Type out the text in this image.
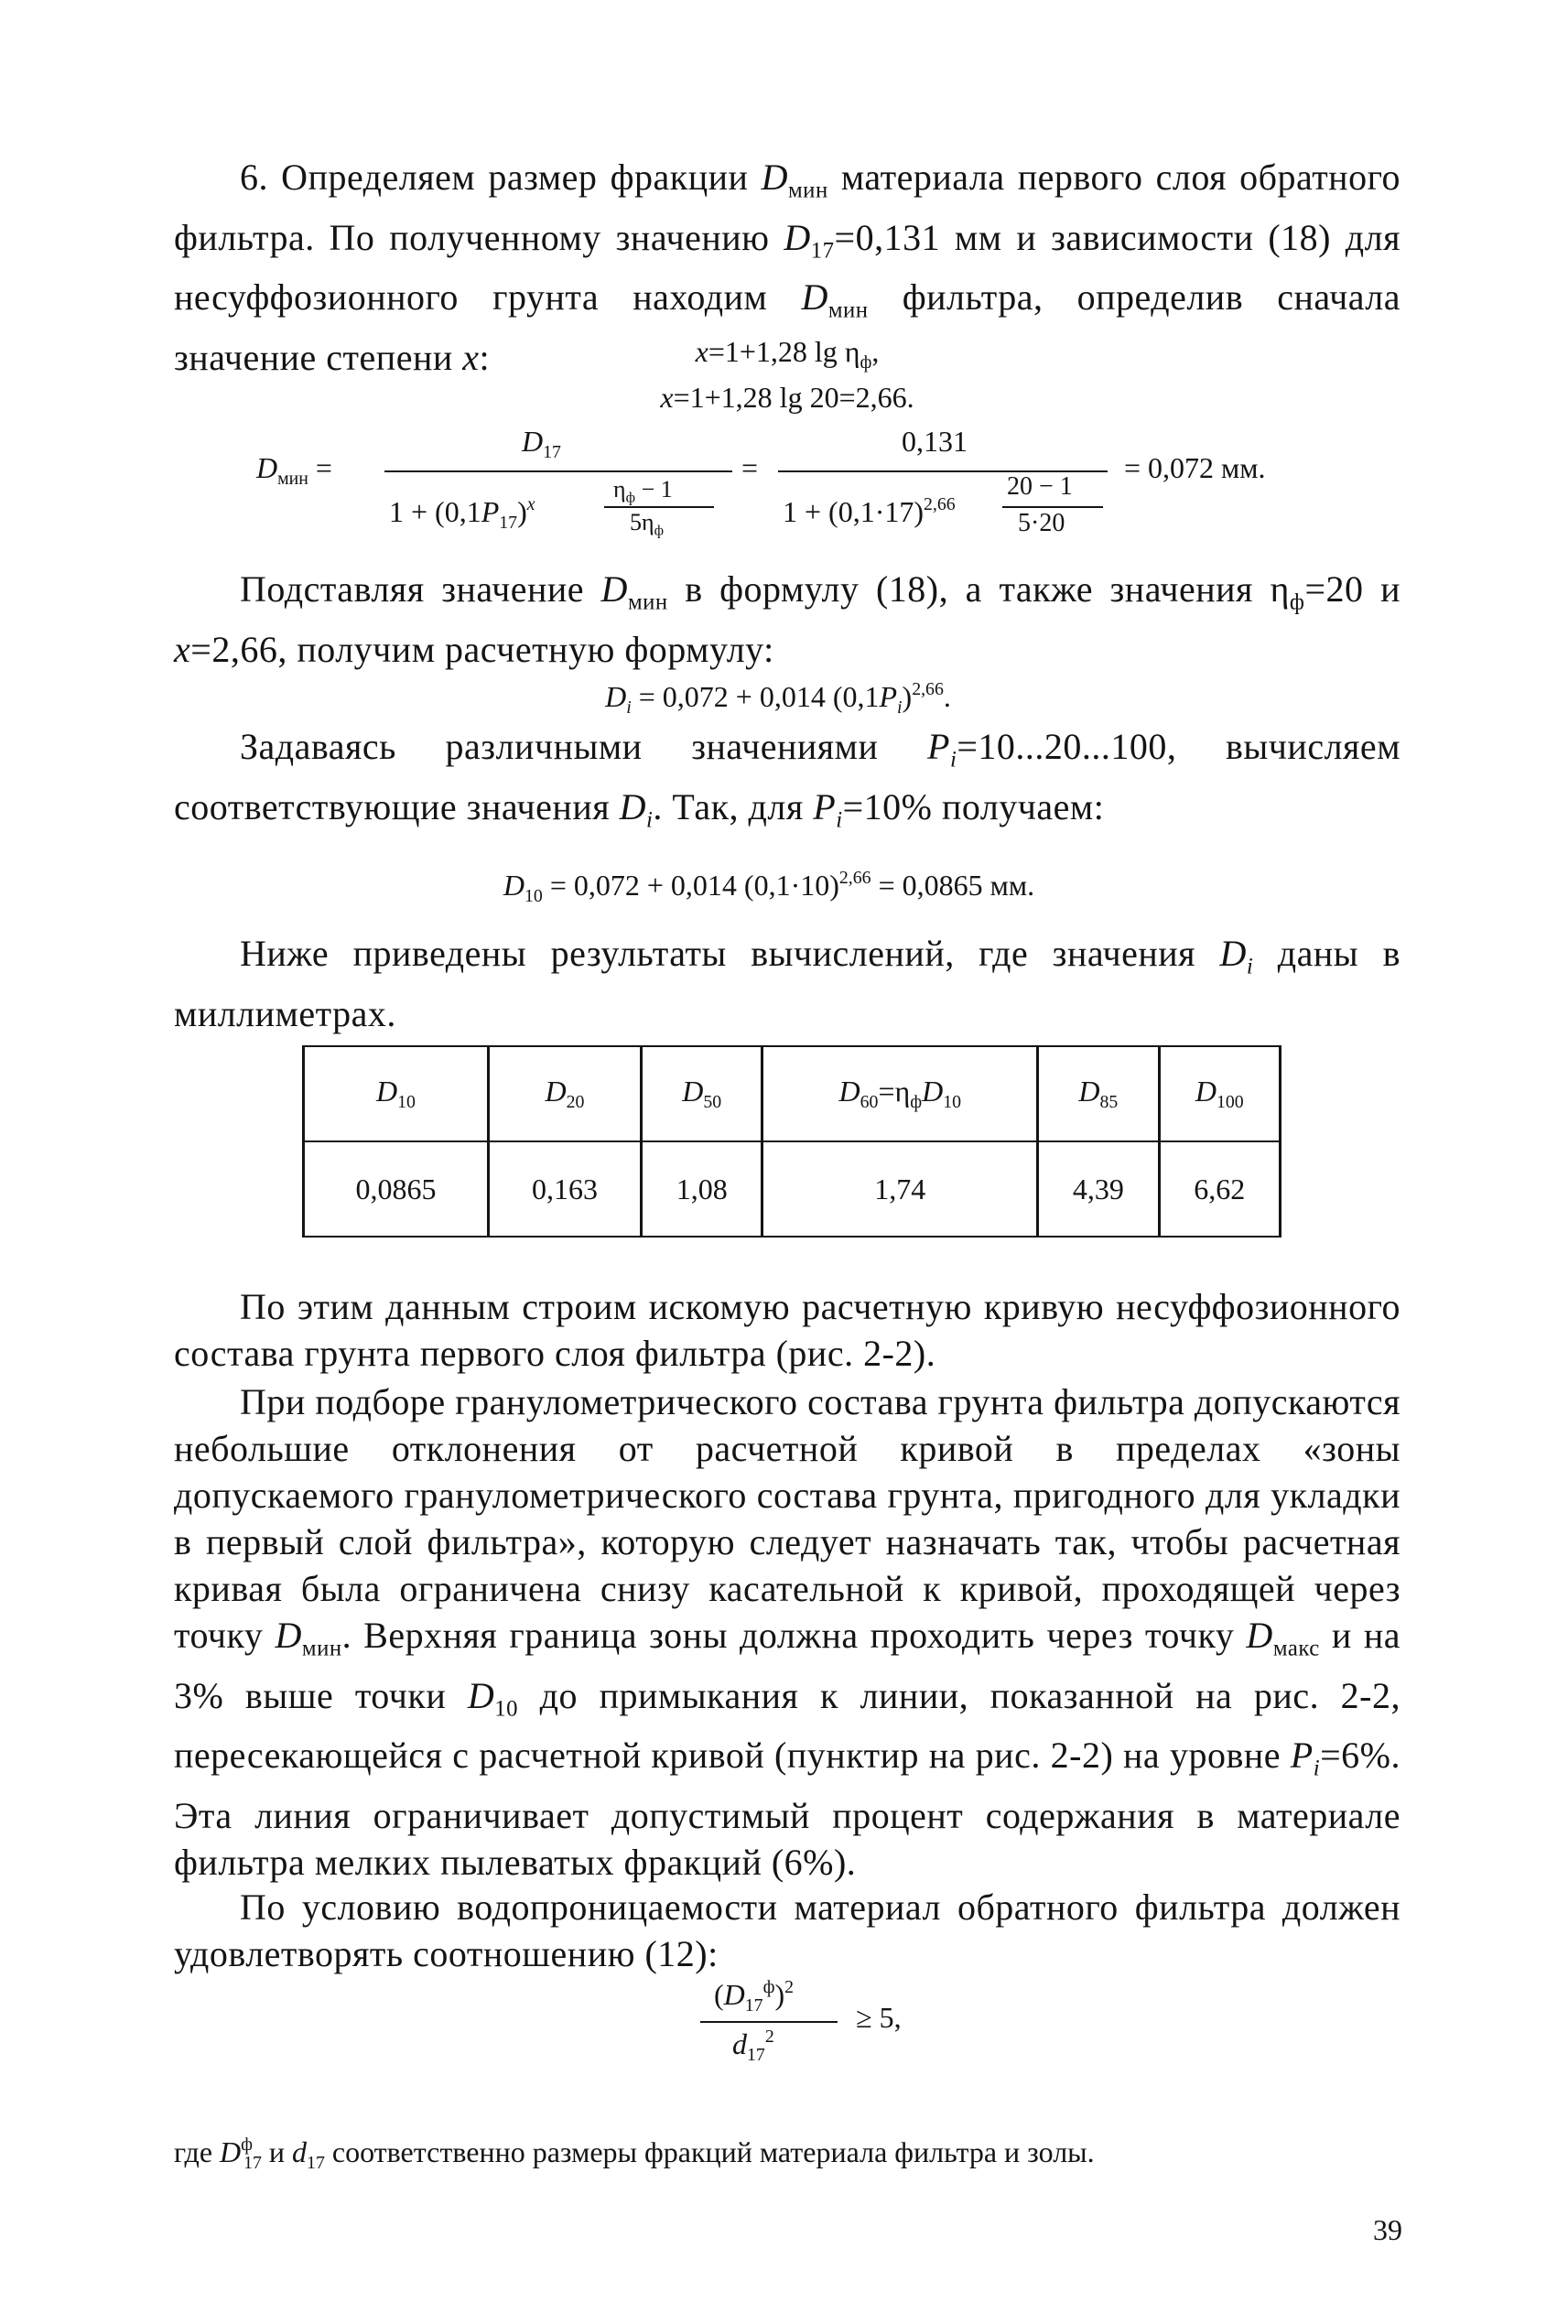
6. Определяем размер фракции $D_{мин}$ материала первого слоя обратного фильтра. По полученному значению $D_{17}=0,131$ мм и зависимости (18) для несуффозионного грунта находим $D_{мин}$ фильтра, определив сначала значение степени x:	x=1+1,28 $\lg \eta_ф$,
x=1+1,28 lg 20=2,66.
$D_{мин}$ =
$D_{17}$
$1 + (0,1P_{17})^x$
$\eta_ф - 1$
$5\eta_ф$
=
0,131
$1 + (0,1\cdot 17)^{2,66}$
20 − 1
5·20
= 0,072 мм.

Подставляя значение $D_{мин}$ в формулу (18), а также значения $\eta_ф=20$ и x=2,66, получим расчетную формулу:

$D_i = 0,072 + 0,014$ $(0,1P_i)^{2,66}$.

Задаваясь различными значениями $P_i=10...20...100$, вычисляем соответствующие значения $D_i$. Так, для $P_i=10\%$ получаем:

$D_{10} = 0,072 + 0,014$ $(0,1\cdot 10)^{2,66} = 0,0865$ мм.

Ниже приведены результаты вычислений, где значения $D_i$ даны в миллиметрах.

$D_{10}$	$D_{20}$	$D_{50}$	$D_{60}=\eta_фD_{10}$	$D_{85}$	$D_{100}$
0,0865	0,163	1,08	1,74	4,39	6,62

По этим данным строим искомую расчетную кривую несуффозионного состава грунта первого слоя фильтра (рис. 2-2).

При подборе гранулометрического состава грунта фильтра допускаются небольшие отклонения от расчетной кривой в пределах «зоны допускаемого гранулометрического состава грунта, пригодного для укладки в первый слой фильтра», которую следует назначать так, чтобы расчетная кривая была ограничена снизу касательной к кривой, проходящей через точку $D_{мин}$. Верхняя граница зоны должна проходить через точку $D_{макс}$ и на 3% выше точки $D_{10}$ до примыкания к линии, показанной на рис. 2-2, пересекающейся с расчетной кривой (пунктир на рис. 2-2) на уровне $P_i=6\%$. Эта линия ограничивает допустимый процент содержания в материале фильтра мелких пылеватых фракций (6%).

По условию водопроницаемости материал обратного фильтра должен удовлетворять соотношению (12):

$(D_{17}^ф)^2$
$d_{17}^2$
≥ 5,
где $D^ф_{17}$ и $d_{17}$ соответственно размеры фракций материала фильтра и золы.
39
